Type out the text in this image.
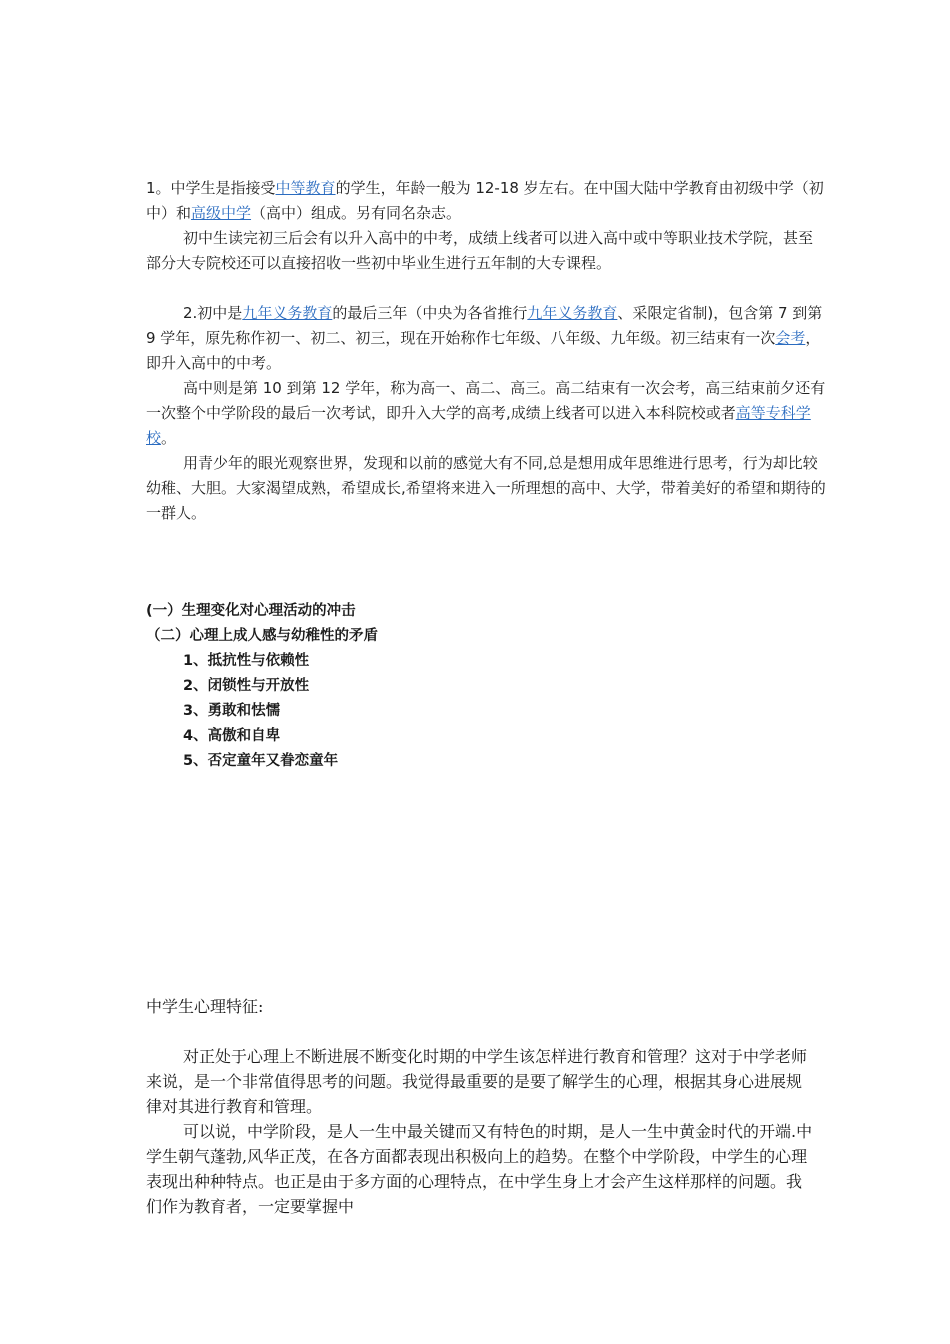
1。中学生是指接受中等教育的学生，年龄一般为 12-18 岁左右。在中国大陆中学教育由初级中学（初中）和高级中学（高中）组成。另有同名杂志。

初中生读完初三后会有以升入高中的中考，成绩上线者可以进入高中或中等职业技术学院，甚至部分大专院校还可以直接招收一些初中毕业生进行五年制的大专课程。

2.初中是九年义务教育的最后三年（中央为各省推行九年义务教育、采限定省制)，包含第 7 到第 9 学年，原先称作初一、初二、初三，现在开始称作七年级、八年级、九年级。初三结束有一次会考，即升入高中的中考。

高中则是第 10 到第 12 学年，称为高一、高二、高三。高二结束有一次会考，高三结束前夕还有一次整个中学阶段的最后一次考试，即升入大学的高考,成绩上线者可以进入本科院校或者高等专科学校。

用青少年的眼光观察世界，发现和以前的感觉大有不同,总是想用成年思维进行思考，行为却比较幼稚、大胆。大家渴望成熟，希望成长,希望将来进入一所理想的高中、大学，带着美好的希望和期待的一群人。

(一）生理变化对心理活动的冲击
（二）心理上成人感与幼稚性的矛盾
1、抵抗性与依赖性
2、闭锁性与开放性
3、勇敢和怯懦
4、高傲和自卑
5、否定童年又眷恋童年

中学生心理特征:

对正处于心理上不断进展不断变化时期的中学生该怎样进行教育和管理？这对于中学老师来说，是一个非常值得思考的问题。我觉得最重要的是要了解学生的心理，根据其身心进展规律对其进行教育和管理。

可以说，中学阶段，是人一生中最关键而又有特色的时期，是人一生中黄金时代的开端.中学生朝气蓬勃,风华正茂，在各方面都表现出积极向上的趋势。在整个中学阶段，中学生的心理表现出种种特点。也正是由于多方面的心理特点，在中学生身上才会产生这样那样的问题。我们作为教育者，一定要掌握中
